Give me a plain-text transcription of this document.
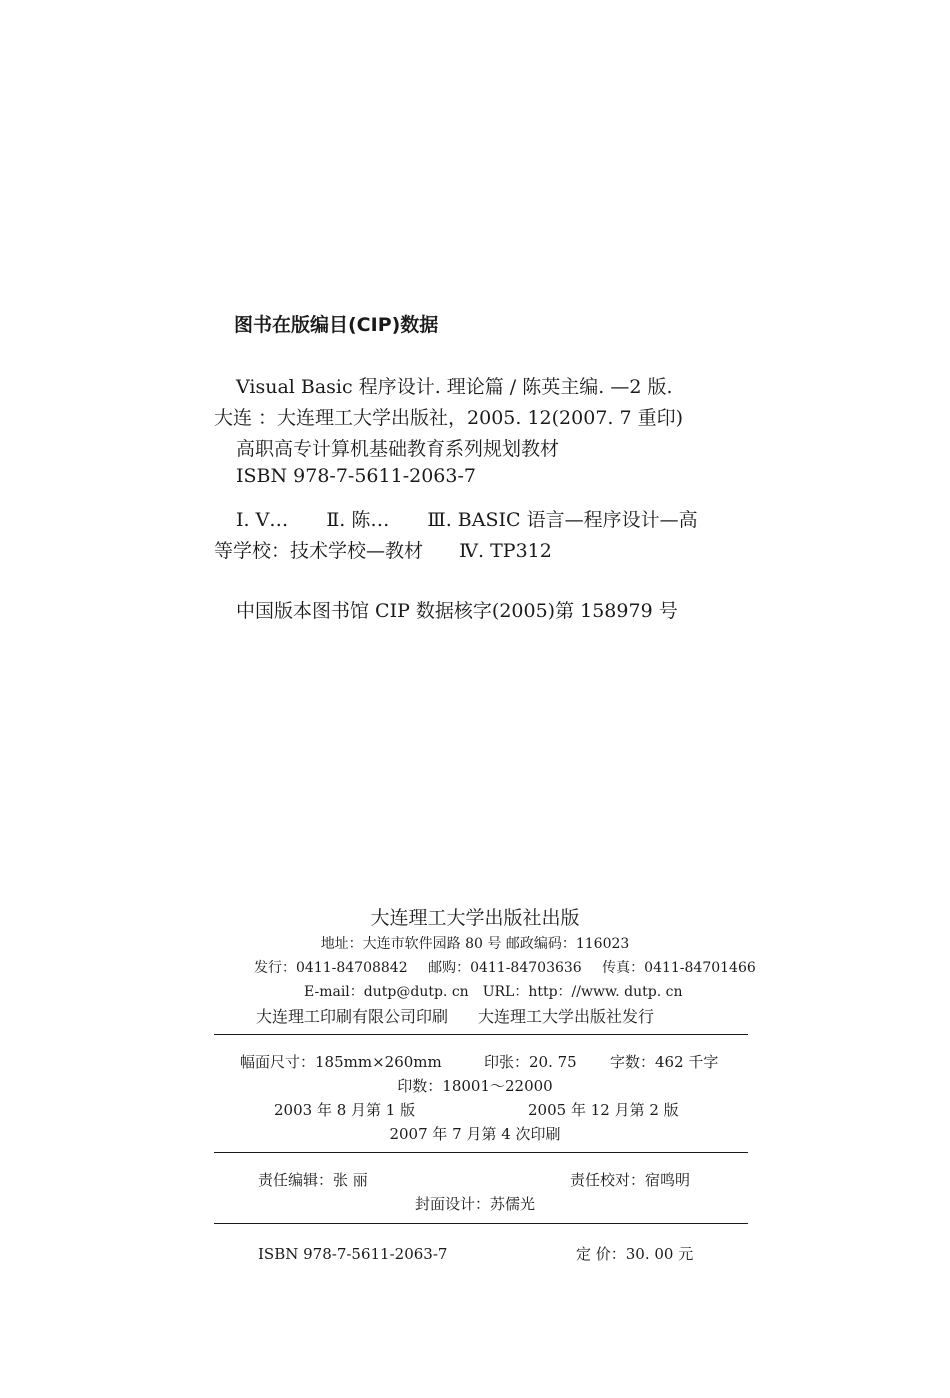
图书在版编目(CIP)数据
Visual Basic 程序设计. 理论篇 / 陈英主编. —2 版.
大连 ：大连理工大学出版社，2005. 12(2007. 7 重印)
高职高专计算机基础教育系列规划教材
ISBN 978-7-5611-2063-7
Ⅰ. V… Ⅱ. 陈… Ⅲ. BASIC 语言—程序设计—高
等学校：技术学校—教材 Ⅳ. TP312
中国版本图书馆 CIP 数据核字(2005)第 158979 号
大连理工大学出版社出版
地址：大连市软件园路 80 号 邮政编码：116023
发行：0411-84708842 邮购：0411-84703636 传真：0411-84701466
E-mail：dutp@dutp. cn URL：http：//www. dutp. cn
大连理工印刷有限公司印刷 大连理工大学出版社发行
幅面尺寸：185mm×260mm	印张：20. 75 字数：462 千字
印数：18001～22000
2003 年 8 月第 1 版	2005 年 12 月第 2 版
2007 年 7 月第 4 次印刷
责任编辑：张 丽	责任校对：宿鸣明
封面设计：苏儒光
ISBN 978-7-5611-2063-7	定 价：30. 00 元
